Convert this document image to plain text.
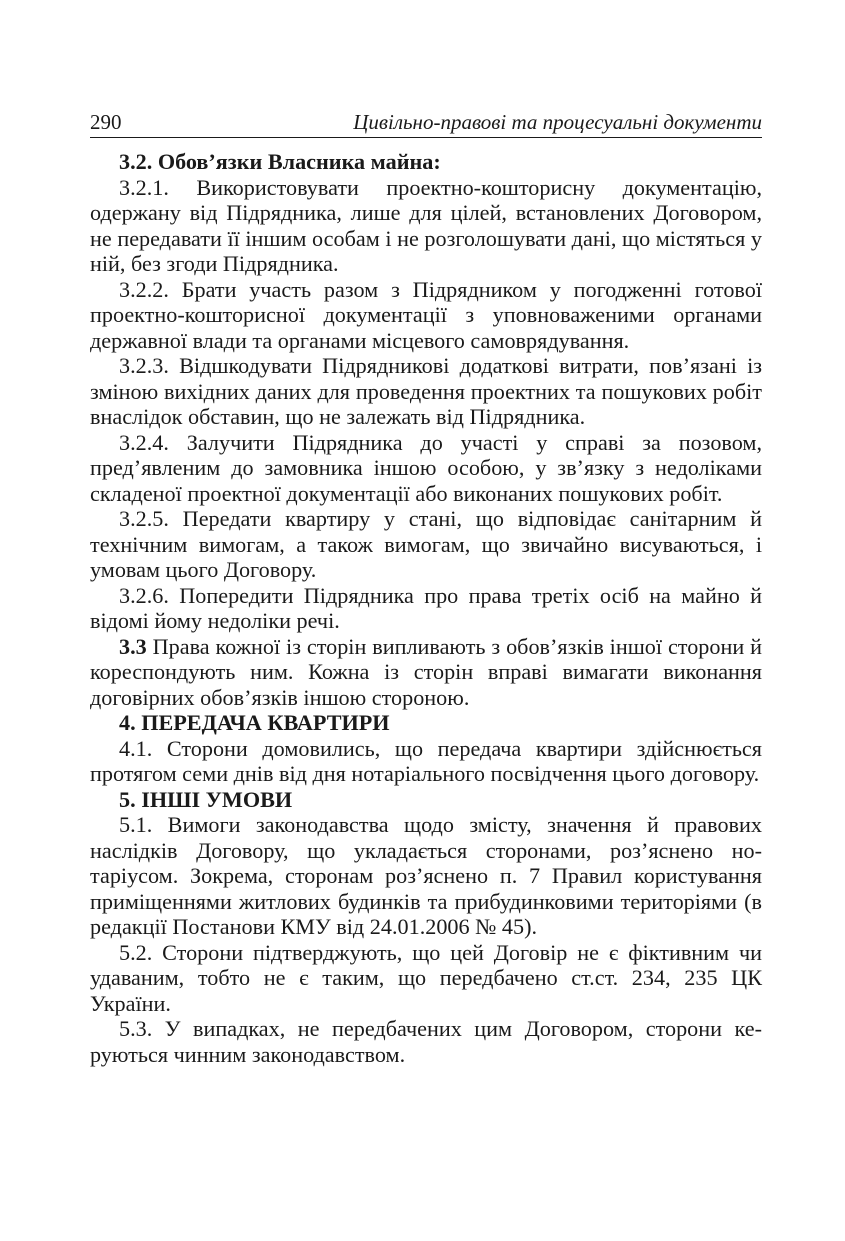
290	Цивільно-правові та процесуальні документи

3.2. Обов’язки Власника майна:

3.2.1. Використовувати проектно-кошторисну документацію, одержану від Підрядника, лише для цілей, встановлених Договором, не передавати її іншим особам і не розголошувати дані, що містяться у ній, без згоди Підрядника.

3.2.2. Брати участь разом з Підрядником у погодженні готової проектно-кошторисної документації з уповноваженими органами державної влади та органами місцевого самоврядування.

3.2.3. Відшкодувати Підрядникові додаткові витрати, пов’язані із зміною вихідних даних для проведення проектних та пошукових робіт внаслідок обставин, що не залежать від Підрядника.

3.2.4. Залучити Підрядника до участі у справі за позовом, пред’явленим до замовника іншою особою, у зв’язку з недоліками складеної проектної документації або виконаних пошукових робіт.

3.2.5. Передати квартиру у стані, що відповідає санітарним й технічним вимогам, а також вимогам, що звичайно висуваються, і умовам цього Договору.

3.2.6. Попередити Підрядника про права третіх осіб на майно й відомі йому недоліки речі.

3.3 Права кожної із сторін випливають з обов’язків іншої сторони й кореспондують ним. Кожна із сторін вправі вимагати виконання договірних обов’язків іншою стороною.

4. ПЕРЕДАЧА КВАРТИРИ

4.1. Сторони домовились, що передача квартири здійснюється протягом семи днів від дня нотаріального посвідчення цього договору.

5. ІНШІ УМОВИ

5.1. Вимоги законодавства щодо змісту, значення й правових наслідків Договору, що укладається сторонами, роз’яснено нотаріусом. Зокрема, сторонам роз’яснено п. 7 Правил користування приміщеннями житлових будинків та прибудинковими територіями (в редакції Постанови КМУ від 24.01.2006 № 45).

5.2. Сторони підтверджують, що цей Договір не є фіктивним чи удаваним, тобто не є таким, що передбачено ст.ст. 234, 235 ЦК України.

5.3. У випадках, не передбачених цим Договором, сторони керуються чинним законодавством.
